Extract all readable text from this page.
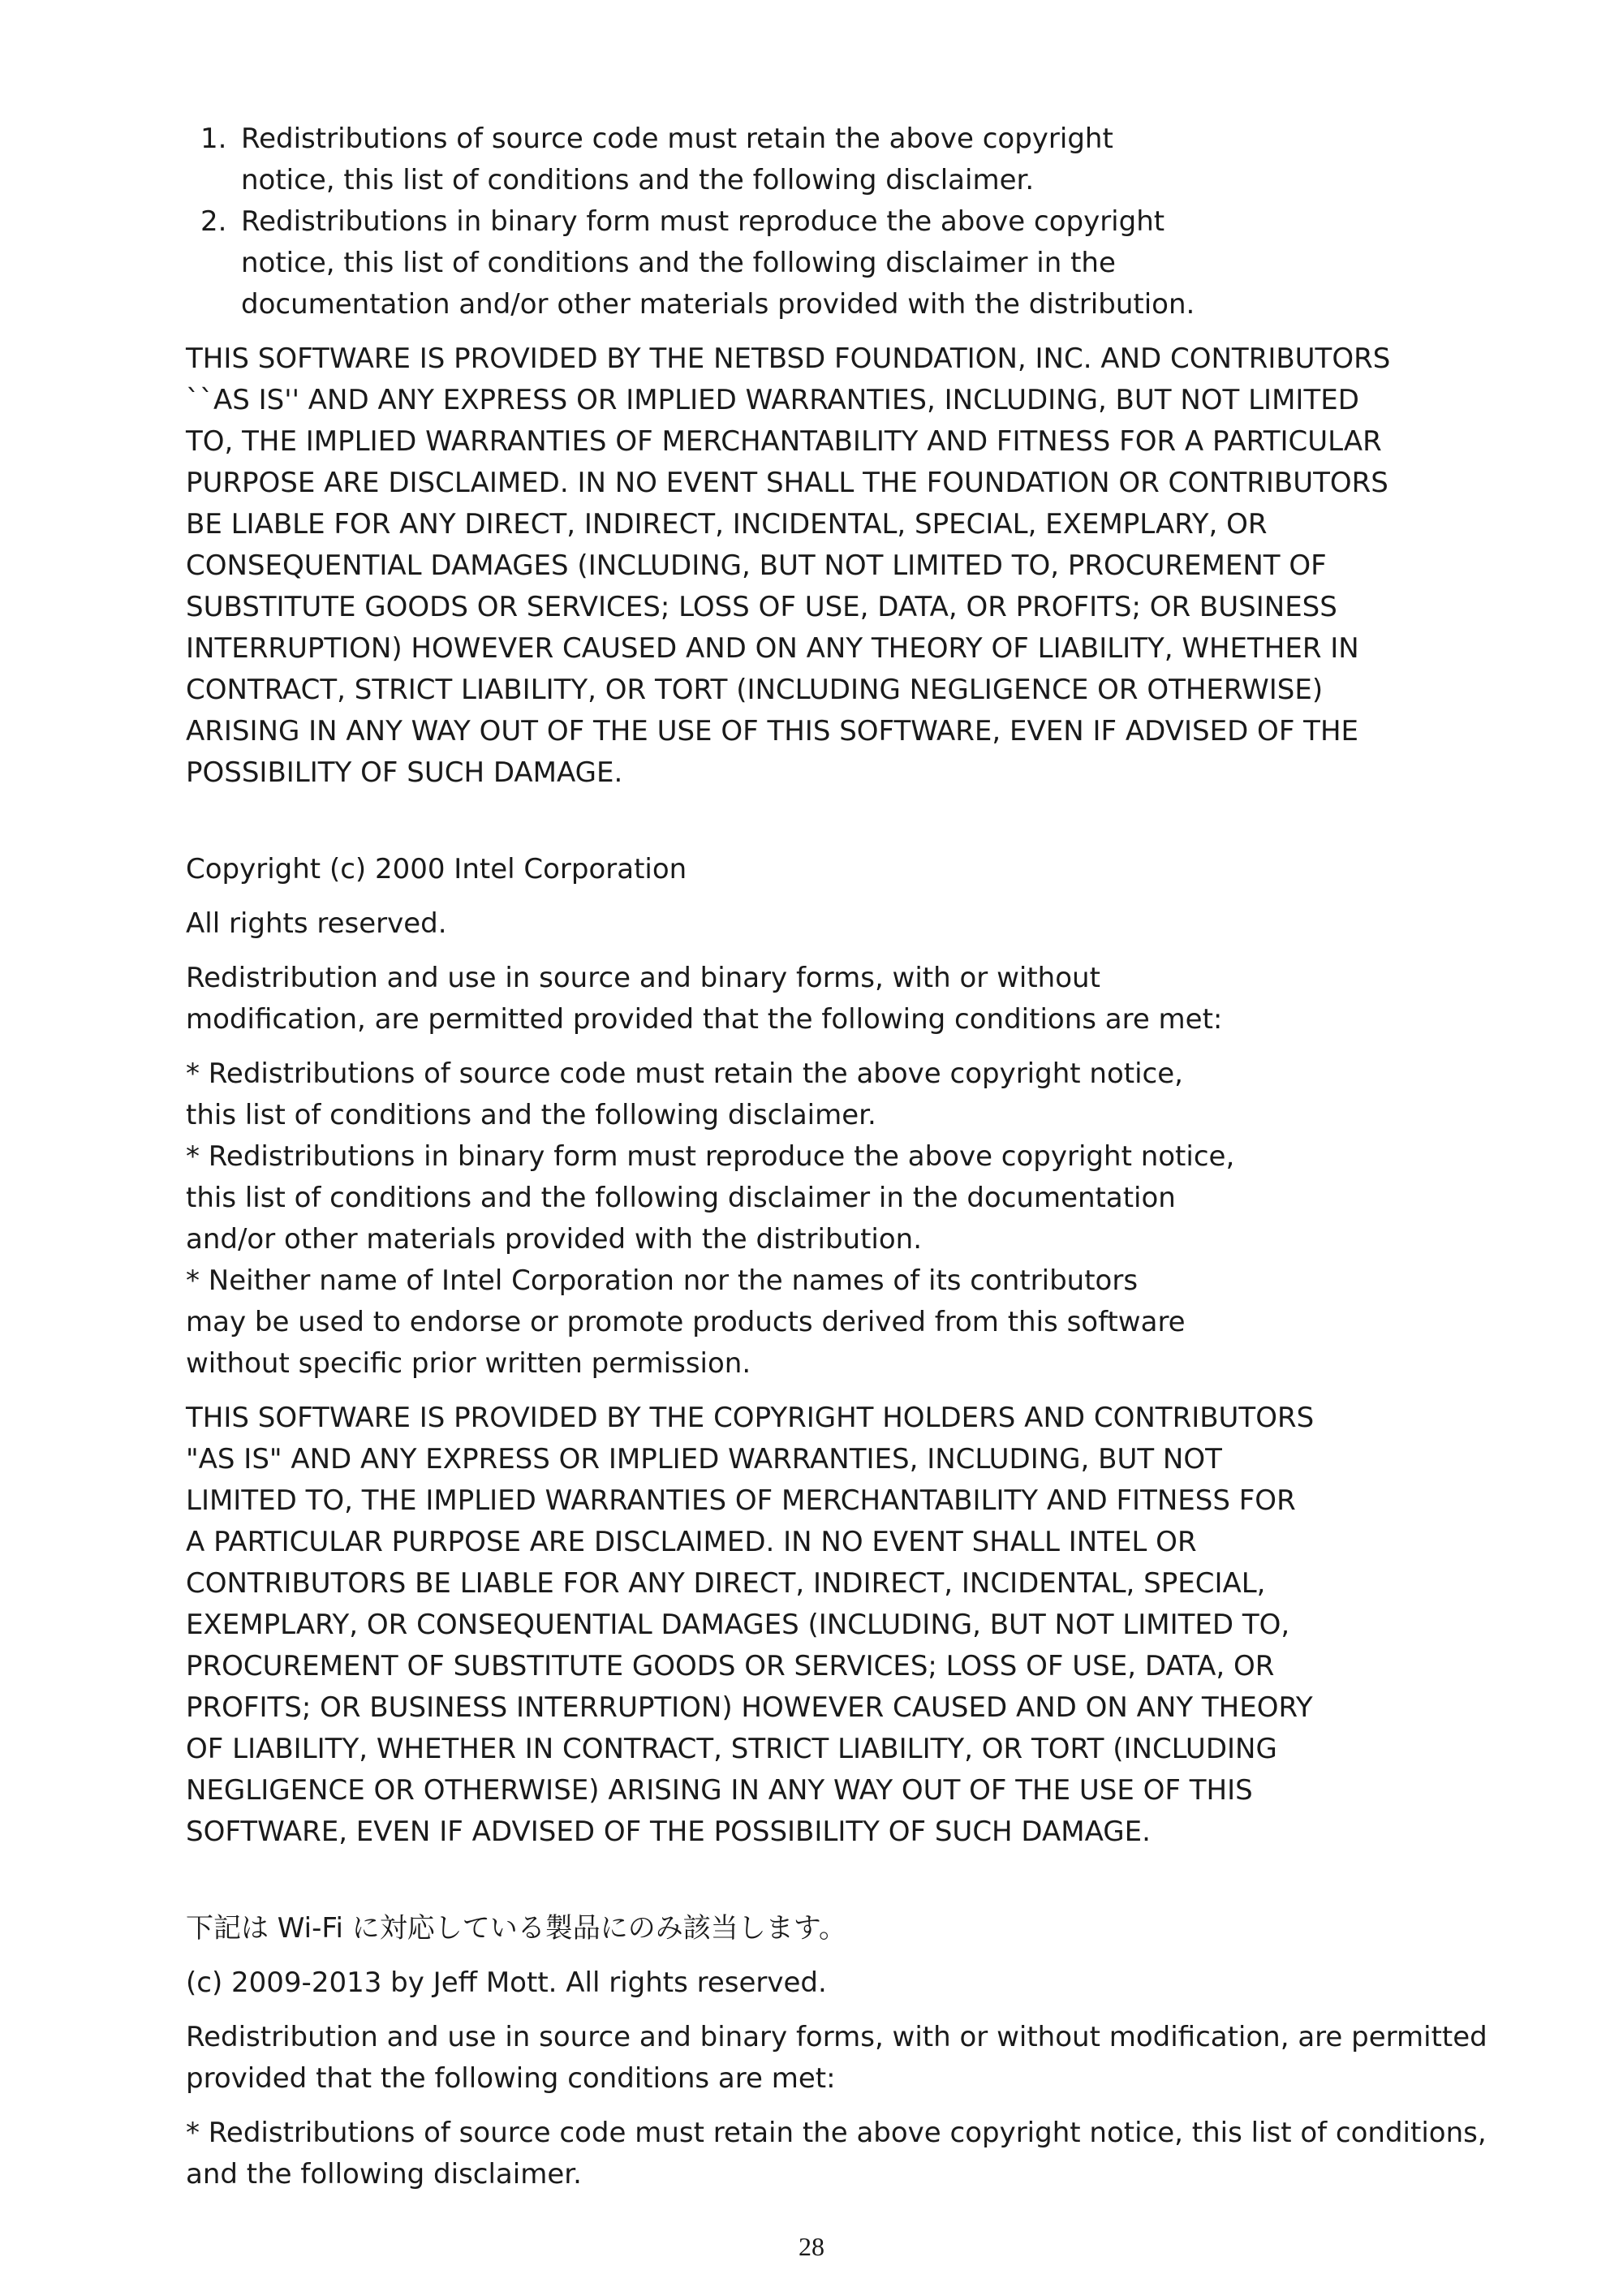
1. Redistributions of source code must retain the above copyright
notice, this list of conditions and the following disclaimer.
2. Redistributions in binary form must reproduce the above copyright
notice, this list of conditions and the following disclaimer in the
documentation and/or other materials provided with the distribution.

THIS SOFTWARE IS PROVIDED BY THE NETBSD FOUNDATION, INC. AND CONTRIBUTORS
``AS IS'' AND ANY EXPRESS OR IMPLIED WARRANTIES, INCLUDING, BUT NOT LIMITED
TO, THE IMPLIED WARRANTIES OF MERCHANTABILITY AND FITNESS FOR A PARTICULAR
PURPOSE ARE DISCLAIMED. IN NO EVENT SHALL THE FOUNDATION OR CONTRIBUTORS
BE LIABLE FOR ANY DIRECT, INDIRECT, INCIDENTAL, SPECIAL, EXEMPLARY, OR
CONSEQUENTIAL DAMAGES (INCLUDING, BUT NOT LIMITED TO, PROCUREMENT OF
SUBSTITUTE GOODS OR SERVICES; LOSS OF USE, DATA, OR PROFITS; OR BUSINESS
INTERRUPTION) HOWEVER CAUSED AND ON ANY THEORY OF LIABILITY, WHETHER IN
CONTRACT, STRICT LIABILITY, OR TORT (INCLUDING NEGLIGENCE OR OTHERWISE)
ARISING IN ANY WAY OUT OF THE USE OF THIS SOFTWARE, EVEN IF ADVISED OF THE
POSSIBILITY OF SUCH DAMAGE.

Copyright (c) 2000 Intel Corporation

All rights reserved.

Redistribution and use in source and binary forms, with or without
modification, are permitted provided that the following conditions are met:

* Redistributions of source code must retain the above copyright notice,
this list of conditions and the following disclaimer.
* Redistributions in binary form must reproduce the above copyright notice,
this list of conditions and the following disclaimer in the documentation
and/or other materials provided with the distribution.
* Neither name of Intel Corporation nor the names of its contributors
may be used to endorse or promote products derived from this software
without specific prior written permission.

THIS SOFTWARE IS PROVIDED BY THE COPYRIGHT HOLDERS AND CONTRIBUTORS
"AS IS" AND ANY EXPRESS OR IMPLIED WARRANTIES, INCLUDING, BUT NOT
LIMITED TO, THE IMPLIED WARRANTIES OF MERCHANTABILITY AND FITNESS FOR
A PARTICULAR PURPOSE ARE DISCLAIMED. IN NO EVENT SHALL INTEL OR
CONTRIBUTORS BE LIABLE FOR ANY DIRECT, INDIRECT, INCIDENTAL, SPECIAL,
EXEMPLARY, OR CONSEQUENTIAL DAMAGES (INCLUDING, BUT NOT LIMITED TO,
PROCUREMENT OF SUBSTITUTE GOODS OR SERVICES; LOSS OF USE, DATA, OR
PROFITS; OR BUSINESS INTERRUPTION) HOWEVER CAUSED AND ON ANY THEORY
OF LIABILITY, WHETHER IN CONTRACT, STRICT LIABILITY, OR TORT (INCLUDING
NEGLIGENCE OR OTHERWISE) ARISING IN ANY WAY OUT OF THE USE OF THIS
SOFTWARE, EVEN IF ADVISED OF THE POSSIBILITY OF SUCH DAMAGE.

下記は Wi-Fi に対応している製品にのみ該当します。

(c) 2009-2013 by Jeff Mott. All rights reserved.

Redistribution and use in source and binary forms, with or without modification, are permitted
provided that the following conditions are met:

* Redistributions of source code must retain the above copyright notice, this list of conditions,
and the following disclaimer.

28
